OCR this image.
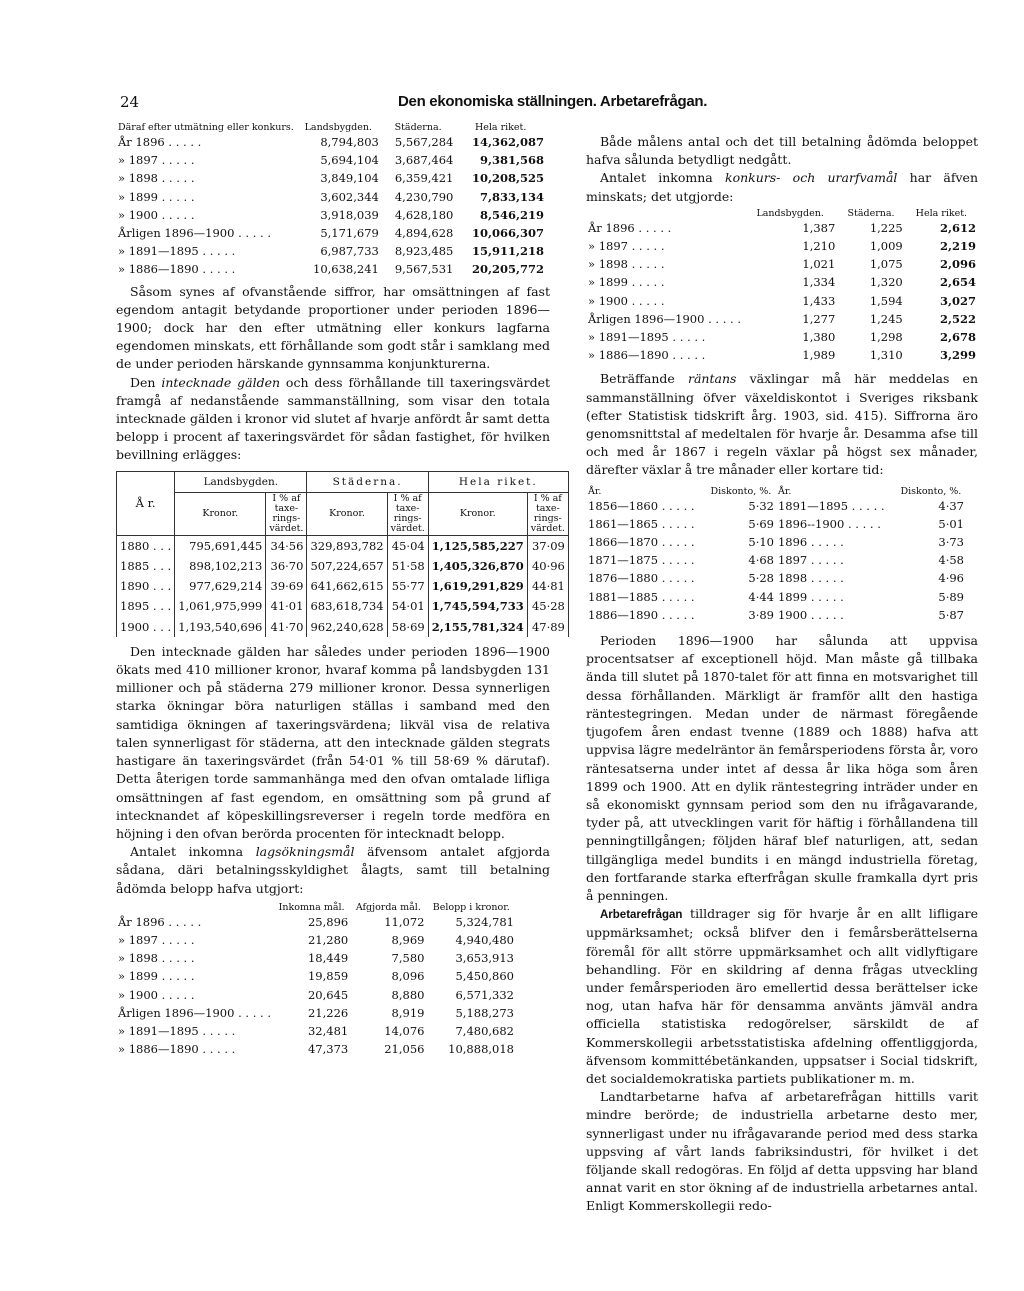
24	Den ekonomiska ställningen. Arbetarefrågan.
Däraf efter utmätning eller konkurs.	Landsbygden.	Städerna.	Hela riket.
År 1896 . . . . .	8,794,803	5,567,284	14,362,087
» 1897 . . . . .	5,694,104	3,687,464	9,381,568
» 1898 . . . . .	3,849,104	6,359,421	10,208,525
» 1899 . . . . .	3,602,344	4,230,790	7,833,134
» 1900 . . . . .	3,918,039	4,628,180	8,546,219
Årligen 1896—1900 . . . . .	5,171,679	4,894,628	10,066,307
» 1891—1895 . . . . .	6,987,733	8,923,485	15,911,218
» 1886—1890 . . . . .	10,638,241	9,567,531	20,205,772

Såsom synes af ofvanstående siffror, har omsättningen af fast egendom antagit betydande proportioner under perioden 1896—1900; dock har den efter utmätning eller konkurs lagfarna egendomen minskats, ett förhållande som godt står i samklang med de under perioden härskande gynnsamma konjunkturerna.

Den intecknade gälden och dess förhållande till taxeringsvärdet framgå af nedanstående sammanställning, som visar den totala intecknade gälden i kronor vid slutet af hvarje anfördt år samt detta belopp i procent af taxeringsvärdet för sådan fastighet, för hvilken bevillning erlägges:

Å r.	Landsbygden.		Städerna.		Hela riket.	
	Kronor.	I % af taxe-rings-värdet.	Kronor.	I % af taxe-rings-värdet.	Kronor.	I % af taxe-rings-värdet.
1880 . . .	795,691,445	34·56	329,893,782	45·04	1,125,585,227	37·09
1885 . . .	898,102,213	36·70	507,224,657	51·58	1,405,326,870	40·96
1890 . . .	977,629,214	39·69	641,662,615	55·77	1,619,291,829	44·81
1895 . . .	1,061,975,999	41·01	683,618,734	54·01	1,745,594,733	45·28
1900 . . .	1,193,540,696	41·70	962,240,628	58·69	2,155,781,324	47·89

Den intecknade gälden har således under perioden 1896—1900 ökats med 410 millioner kronor, hvaraf komma på landsbygden 131 millioner och på städerna 279 millioner kronor. Dessa synnerligen starka ökningar böra naturligen ställas i samband med den samtidiga ökningen af taxeringsvärdena; likväl visa de relativa talen synnerligast för städerna, att den intecknade gälden stegrats hastigare än taxeringsvärdet (från 54·01 % till 58·69 % därutaf). Detta återigen torde sammanhänga med den ofvan omtalade lifliga omsättningen af fast egendom, en omsättning som på grund af intecknandet af köpeskillingsreverser i regeln torde medföra en höjning i den ofvan berörda procenten för intecknadt belopp.

Antalet inkomna lagsökningsmål äfvensom antalet afgjorda sådana, däri betalningsskyldighet ålagts, samt till betalning ådömda belopp hafva utgjort:

	Inkomna mål.	Afgjorda mål.	Belopp i kronor.
År 1896 . . . . .	25,896	11,072	5,324,781
» 1897 . . . . .	21,280	8,969	4,940,480
» 1898 . . . . .	18,449	7,580	3,653,913
» 1899 . . . . .	19,859	8,096	5,450,860
» 1900 . . . . .	20,645	8,880	6,571,332
Årligen 1896—1900 . . . . .	21,226	8,919	5,188,273
» 1891—1895 . . . . .	32,481	14,076	7,480,682
» 1886—1890 . . . . .	47,373	21,056	10,888,018

Både målens antal och det till betalning ådömda beloppet hafva sålunda betydligt nedgått.

Antalet inkomna konkurs- och urarfvamål har äfven minskats; det utgjorde:

	Landsbygden.	Städerna.	Hela riket.
År 1896 . . . . .	1,387	1,225	2,612
» 1897 . . . . .	1,210	1,009	2,219
» 1898 . . . . .	1,021	1,075	2,096
» 1899 . . . . .	1,334	1,320	2,654
» 1900 . . . . .	1,433	1,594	3,027
Årligen 1896—1900 . . . . .	1,277	1,245	2,522
» 1891—1895 . . . . .	1,380	1,298	2,678
» 1886—1890 . . . . .	1,989	1,310	3,299

Beträffande räntans växlingar må här meddelas en sammanställning öfver växeldiskontot i Sveriges riksbank (efter Statistisk tidskrift årg. 1903, sid. 415). Siffrorna äro genomsnittstal af medeltalen för hvarje år. Desamma afse till och med år 1867 i regeln växlar på högst sex månader, därefter växlar å tre månader eller kortare tid:

År.	Diskonto, %.	År.	Diskonto, %.
1856—1860 . . . . .	5·32	1891—1895 . . . . .	4·37
1861—1865 . . . . .	5·69	1896--1900 . . . . .	5·01
1866—1870 . . . . .	5·10	1896 . . . . .	3·73
1871—1875 . . . . .	4·68	1897 . . . . .	4·58
1876—1880 . . . . .	5·28	1898 . . . . .	4·96
1881—1885 . . . . .	4·44	1899 . . . . .	5·89
1886—1890 . . . . .	3·89	1900 . . . . .	5·87

Perioden 1896—1900 har sålunda att uppvisa procentsatser af exceptionell höjd. Man måste gå tillbaka ända till slutet på 1870-talet för att finna en motsvarighet till dessa förhållanden. Märkligt är framför allt den hastiga räntestegringen. Medan under de närmast föregående tjugofem åren endast tvenne (1889 och 1888) hafva att uppvisa lägre medelräntor än femårsperiodens första år, voro räntesatserna under intet af dessa år lika höga som åren 1899 och 1900. Att en dylik räntestegring inträder under en så ekonomiskt gynnsam period som den nu ifrågavarande, tyder på, att utvecklingen varit för häftig i förhållandena till penningtillgången; följden häraf blef naturligen, att, sedan tillgängliga medel bundits i en mängd industriella företag, den fortfarande starka efterfrågan skulle framkalla dyrt pris å penningen.

Arbetarefrågan tilldrager sig för hvarje år en allt lifligare uppmärksamhet; också blifver den i femårsberättelserna föremål för allt större uppmärksamhet och allt vidlyftigare behandling. För en skildring af denna frågas utveckling under femårsperioden äro emellertid dessa berättelser icke nog, utan hafva här för densamma använts jämväl andra officiella statistiska redogörelser, särskildt de af Kommerskollegii arbetsstatistiska afdelning offentliggjorda, äfvensom kommittébetänkanden, uppsatser i Social tidskrift, det socialdemokratiska partiets publikationer m. m.

Landtarbetarne hafva af arbetarefrågan hittills varit mindre berörde; de industriella arbetarne desto mer, synnerligast under nu ifrågavarande period med dess starka uppsving af vårt lands fabriksindustri, för hvilket i det följande skall redogöras. En följd af detta uppsving har bland annat varit en stor ökning af de industriella arbetarnes antal. Enligt Kommerskollegii redo-
